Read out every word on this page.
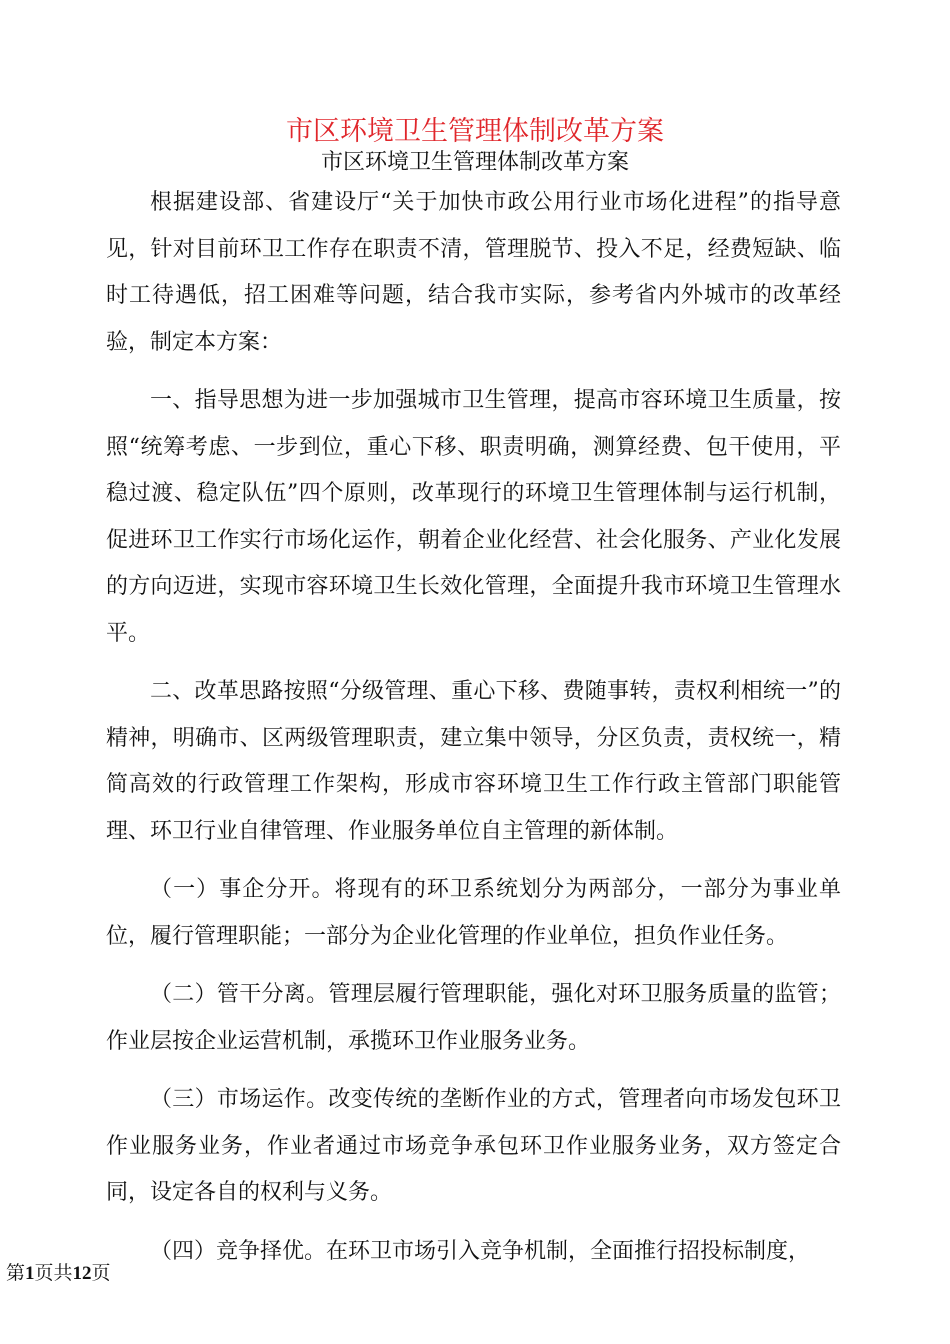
市区环境卫生管理体制改革方案
市区环境卫生管理体制改革方案

根据建设部、省建设厅“关于加快市政公用行业市场化进程”的指导意见，针对目前环卫工作存在职责不清，管理脱节、投入不足，经费短缺、临时工待遇低，招工困难等问题，结合我市实际，参考省内外城市的改革经验，制定本方案：

一、指导思想为进一步加强城市卫生管理，提高市容环境卫生质量，按照“统筹考虑、一步到位，重心下移、职责明确，测算经费、包干使用，平稳过渡、稳定队伍”四个原则，改革现行的环境卫生管理体制与运行机制，促进环卫工作实行市场化运作，朝着企业化经营、社会化服务、产业化发展的方向迈进，实现市容环境卫生长效化管理，全面提升我市环境卫生管理水平。

二、改革思路按照“分级管理、重心下移、费随事转，责权利相统一”的精神，明确市、区两级管理职责，建立集中领导，分区负责，责权统一，精简高效的行政管理工作架构，形成市容环境卫生工作行政主管部门职能管理、环卫行业自律管理、作业服务单位自主管理的新体制。

（一）事企分开。将现有的环卫系统划分为两部分，一部分为事业单位，履行管理职能；一部分为企业化管理的作业单位，担负作业任务。

（二）管干分离。管理层履行管理职能，强化对环卫服务质量的监管；作业层按企业运营机制，承揽环卫作业服务业务。

（三）市场运作。改变传统的垄断作业的方式，管理者向市场发包环卫作业服务业务，作业者通过市场竞争承包环卫作业服务业务，双方签定合同，设定各自的权利与义务。

（四）竞争择优。在环卫市场引入竞争机制，全面推行招投标制度，

第1页共12页
